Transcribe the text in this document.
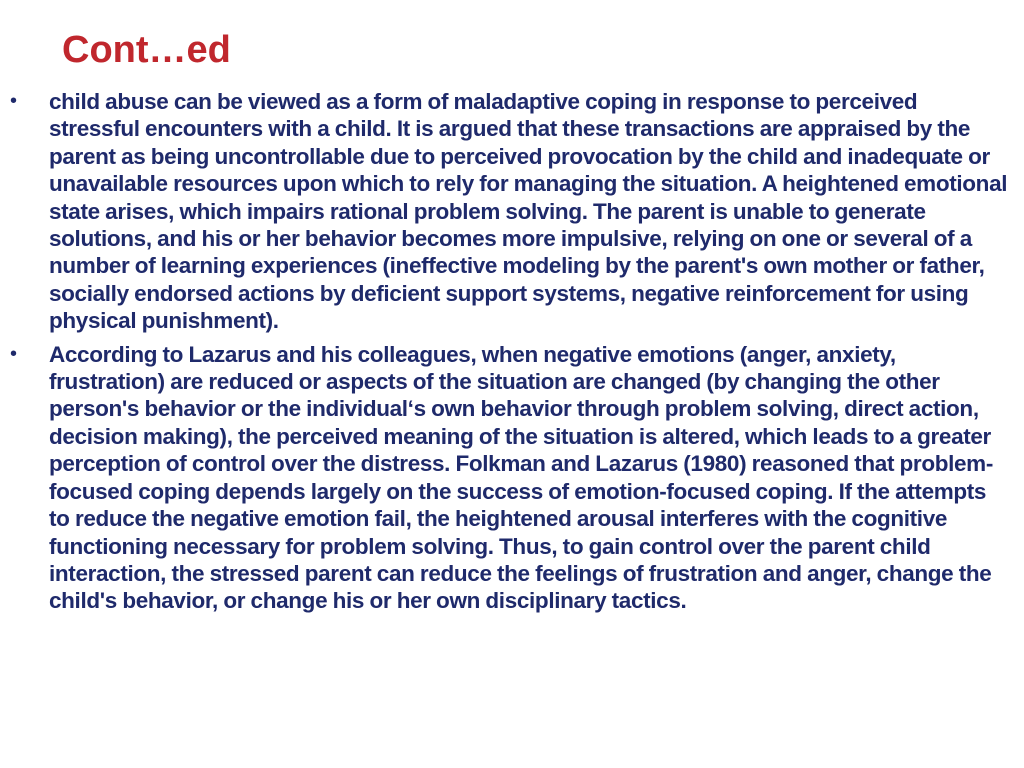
Cont…ed
• child abuse can be viewed as a form of maladaptive coping in response to perceived stressful encounters with a child. It is argued that these transactions are appraised by the parent as being uncontrollable due to perceived provocation by the child and inadequate or unavailable resources upon which to rely for managing the situation. A heightened emotional state arises, which impairs rational problem solving. The parent is unable to generate solutions, and his or her behavior becomes more impulsive, relying on one or several of a number of learning experiences (ineffective modeling by the parent's own mother or father, socially endorsed actions by deficient support systems, negative reinforcement for using physical punishment).
• According to Lazarus and his colleagues, when negative emotions (anger, anxiety, frustration) are reduced or aspects of the situation are changed (by changing the other person's behavior or the individual‘s own behavior through problem solving, direct action, decision making), the perceived meaning of the situation is altered, which leads to a greater perception of control over the distress. Folkman and Lazarus (1980) reasoned that problem-focused coping depends largely on the success of emotion-focused coping. If the attempts to reduce the negative emotion fail, the heightened arousal interferes with the cognitive functioning necessary for problem solving. Thus, to gain control over the parent child interaction, the stressed parent can reduce the feelings of frustration and anger, change the child's behavior, or change his or her own disciplinary tactics.
